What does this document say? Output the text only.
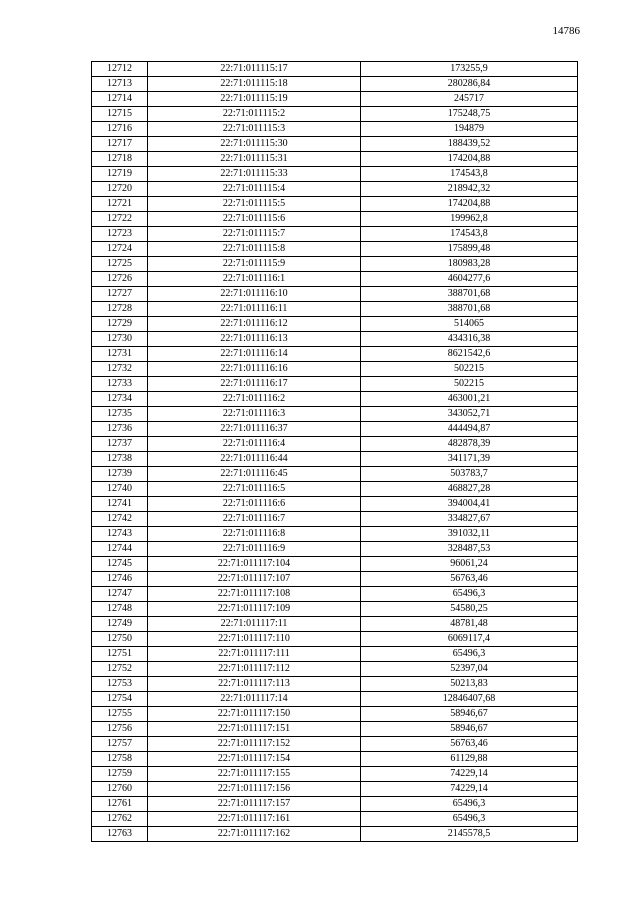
14786
12712	22:71:011115:17	173255,9
12713	22:71:011115:18	280286,84
12714	22:71:011115:19	245717
12715	22:71:011115:2	175248,75
12716	22:71:011115:3	194879
12717	22:71:011115:30	188439,52
12718	22:71:011115:31	174204,88
12719	22:71:011115:33	174543,8
12720	22:71:011115:4	218942,32
12721	22:71:011115:5	174204,88
12722	22:71:011115:6	199962,8
12723	22:71:011115:7	174543,8
12724	22:71:011115:8	175899,48
12725	22:71:011115:9	180983,28
12726	22:71:011116:1	4604277,6
12727	22:71:011116:10	388701,68
12728	22:71:011116:11	388701,68
12729	22:71:011116:12	514065
12730	22:71:011116:13	434316,38
12731	22:71:011116:14	8621542,6
12732	22:71:011116:16	502215
12733	22:71:011116:17	502215
12734	22:71:011116:2	463001,21
12735	22:71:011116:3	343052,71
12736	22:71:011116:37	444494,87
12737	22:71:011116:4	482878,39
12738	22:71:011116:44	341171,39
12739	22:71:011116:45	503783,7
12740	22:71:011116:5	468827,28
12741	22:71:011116:6	394004,41
12742	22:71:011116:7	334827,67
12743	22:71:011116:8	391032,11
12744	22:71:011116:9	328487,53
12745	22:71:011117:104	96061,24
12746	22:71:011117:107	56763,46
12747	22:71:011117:108	65496,3
12748	22:71:011117:109	54580,25
12749	22:71:011117:11	48781,48
12750	22:71:011117:110	6069117,4
12751	22:71:011117:111	65496,3
12752	22:71:011117:112	52397,04
12753	22:71:011117:113	50213,83
12754	22:71:011117:14	12846407,68
12755	22:71:011117:150	58946,67
12756	22:71:011117:151	58946,67
12757	22:71:011117:152	56763,46
12758	22:71:011117:154	61129,88
12759	22:71:011117:155	74229,14
12760	22:71:011117:156	74229,14
12761	22:71:011117:157	65496,3
12762	22:71:011117:161	65496,3
12763	22:71:011117:162	2145578,5
